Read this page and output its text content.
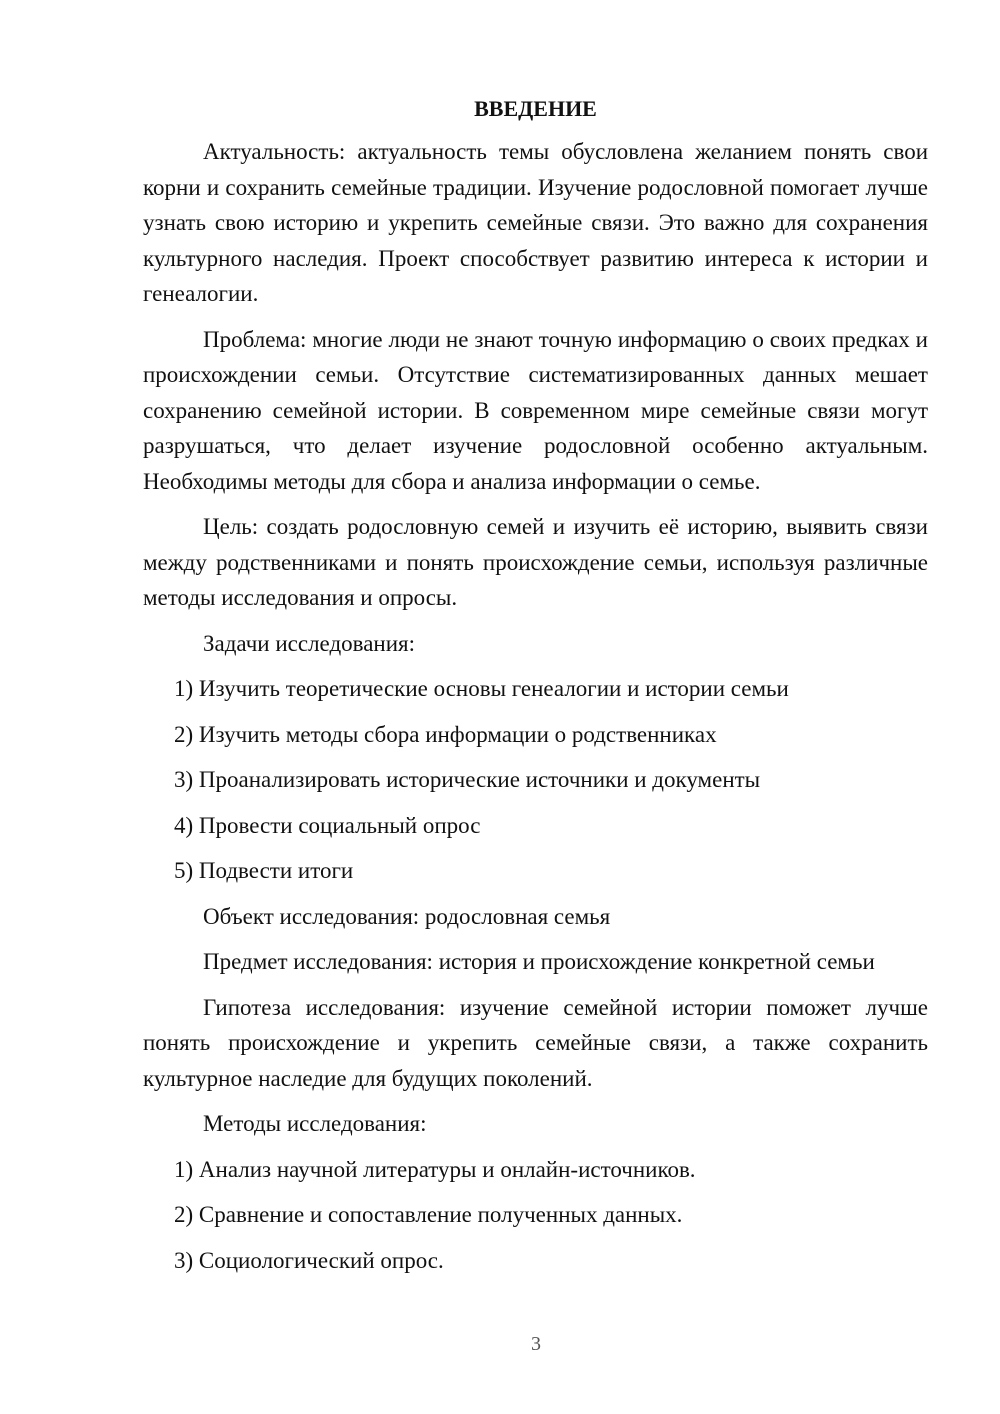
ВВЕДЕНИЕ

Актуальность: актуальность темы обусловлена желанием понять свои корни и сохранить семейные традиции. Изучение родословной помогает лучше узнать свою историю и укрепить семейные связи. Это важно для сохранения культурного наследия. Проект способствует развитию интереса к истории и генеалогии.

Проблема: многие люди не знают точную информацию о своих предках и происхождении семьи. Отсутствие систематизированных данных мешает сохранению семейной истории. В современном мире семейные связи могут разрушаться, что делает изучение родословной особенно актуальным. Необходимы методы для сбора и анализа информации о семье.

Цель: создать родословную семей и изучить её историю, выявить связи между родственниками и понять происхождение семьи, используя различные методы исследования и опросы.

Задачи исследования:

1) Изучить теоретические основы генеалогии и истории семьи
2) Изучить методы сбора информации о родственниках
3) Проанализировать исторические источники и документы
4) Провести социальный опрос
5) Подвести итоги

Объект исследования: родословная семья

Предмет исследования: история и происхождение конкретной семьи

Гипотеза исследования: изучение семейной истории поможет лучше понять происхождение и укрепить семейные связи, а также сохранить культурное наследие для будущих поколений.

Методы исследования:

1) Анализ научной литературы и онлайн-источников.
2) Сравнение и сопоставление полученных данных.
3) Социологический опрос.
3
